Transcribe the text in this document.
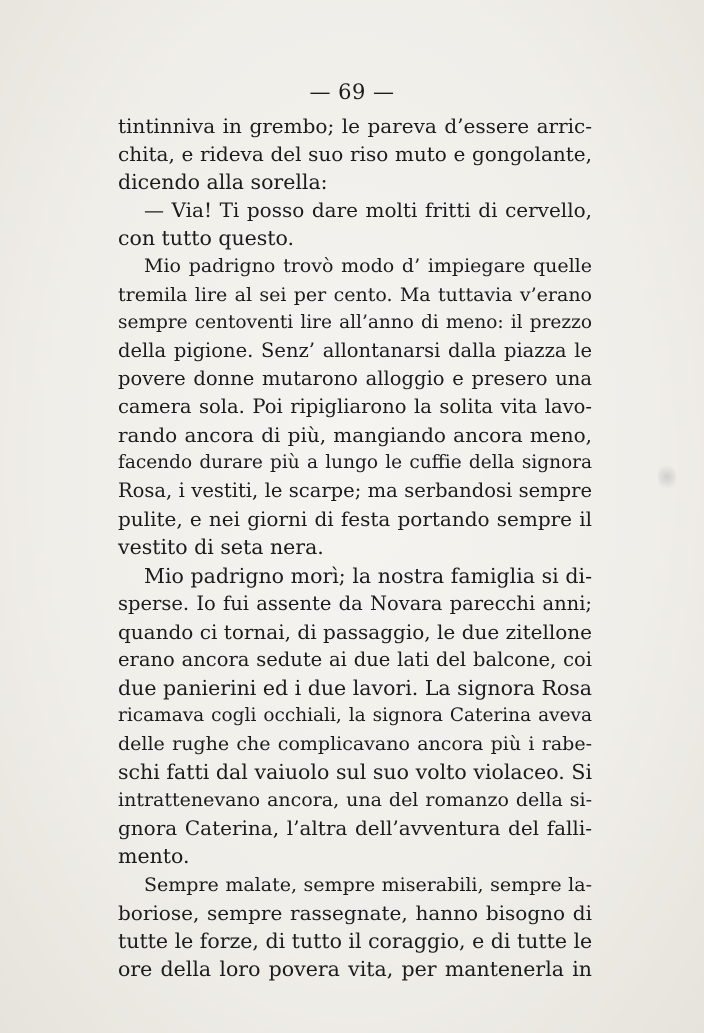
— 69 —
tintinniva in grembo; le pareva d’essere arric-
chita, e rideva del suo riso muto e gongolante,
dicendo alla sorella:
— Via! Ti posso dare molti fritti di cervello,
con tutto questo.
Mio padrigno trovò modo d’ impiegare quelle
tremila lire al sei per cento. Ma tuttavia v’erano
sempre centoventi lire all’anno di meno: il prezzo
della pigione. Senz’ allontanarsi dalla piazza le
povere donne mutarono alloggio e presero una
camera sola. Poi ripigliarono la solita vita lavo-
rando ancora di più, mangiando ancora meno,
facendo durare più a lungo le cuffie della signora
Rosa, i vestiti, le scarpe; ma serbandosi sempre
pulite, e nei giorni di festa portando sempre il
vestito di seta nera.
Mio padrigno morì; la nostra famiglia si di-
sperse. Io fui assente da Novara parecchi anni;
quando ci tornai, di passaggio, le due zitellone
erano ancora sedute ai due lati del balcone, coi
due panierini ed i due lavori. La signora Rosa
ricamava cogli occhiali, la signora Caterina aveva
delle rughe che complicavano ancora più i rabe-
schi fatti dal vaiuolo sul suo volto violaceo. Si
intrattenevano ancora, una del romanzo della si-
gnora Caterina, l’altra dell’avventura del falli-
mento.
Sempre malate, sempre miserabili, sempre la-
boriose, sempre rassegnate, hanno bisogno di
tutte le forze, di tutto il coraggio, e di tutte le
ore della loro povera vita, per mantenerla in
